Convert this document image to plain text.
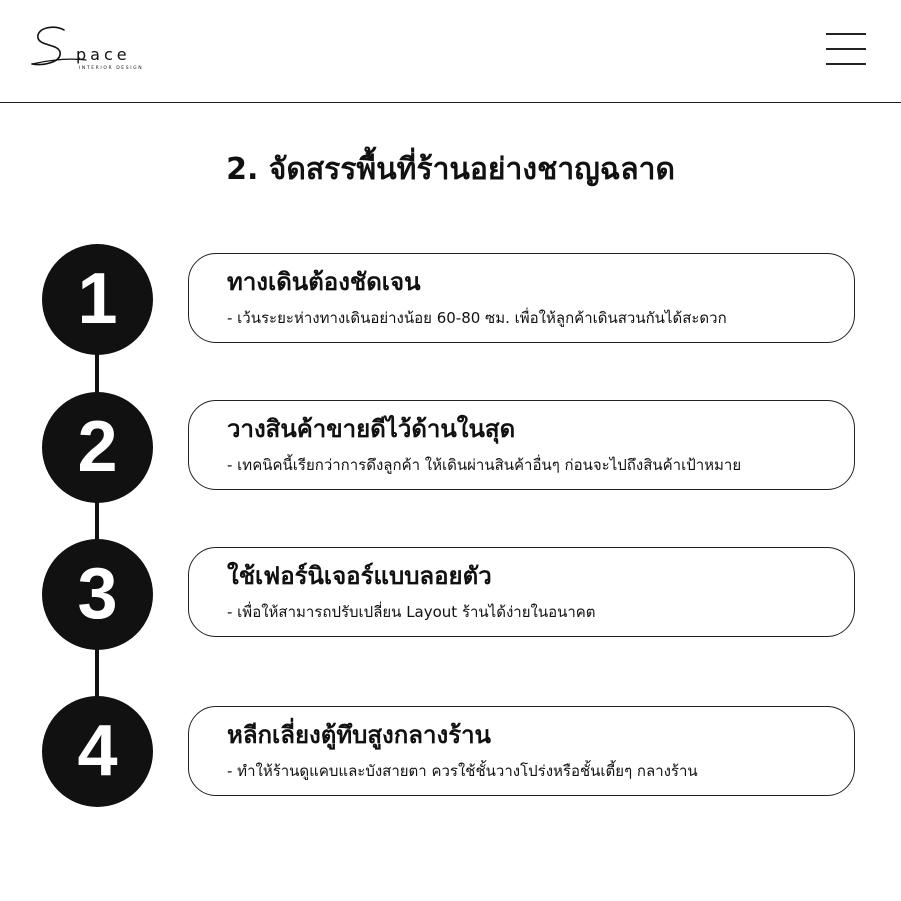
pace
INTERIOR DESIGN
2. จัดสรรพื้นที่ร้านอย่างชาญฉลาด
1	ทางเดินต้องชัดเจน
- เว้นระยะห่างทางเดินอย่างน้อย 60-80 ซม. เพื่อให้ลูกค้าเดินสวนกันได้สะดวก
2	วางสินค้าขายดีไว้ด้านในสุด
- เทคนิคนี้เรียกว่าการดึงลูกค้า ให้เดินผ่านสินค้าอื่นๆ ก่อนจะไปถึงสินค้าเป้าหมาย
3	ใช้เฟอร์นิเจอร์แบบลอยตัว
- เพื่อให้สามารถปรับเปลี่ยน Layout ร้านได้ง่ายในอนาคต
4	หลีกเลี่ยงตู้ทึบสูงกลางร้าน
- ทำให้ร้านดูแคบและบังสายตา ควรใช้ชั้นวางโปร่งหรือชั้นเตี้ยๆ กลางร้าน
